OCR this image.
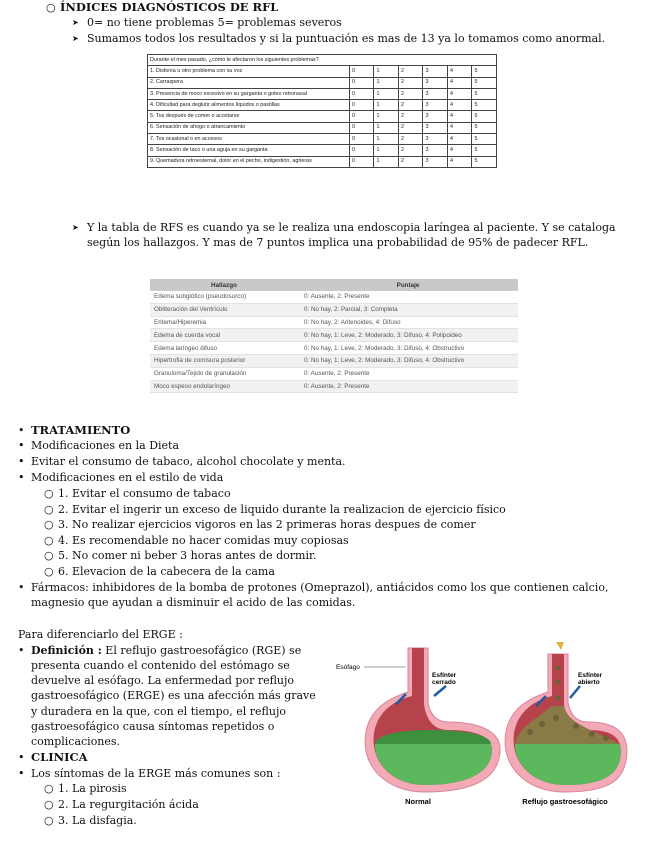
○ ÍNDICES DIAGNÓSTICOS DE RFL
➤ 0= no tiene problemas 5= problemas severos
➤ Sumamos todos los resultados y si la puntuación es mas de 13 ya lo tomamos como anormal.
Durante el mes pasado, ¿cómo le afectaron los siguientes problemas?						
1. Disfonía u otro problema con su voz	0	1	2	3	4	5
2. Carraspera	0	1	2	3	4	5
3. Presencia de moco excesivo en su garganta o goteo retronasal	0	1	2	3	4	5
4. Dificultad para deglutir alimentos líquidos o pastillas	0	1	2	3	4	5
5. Tos después de comer o acostarse	0	1	2	3	4	5
6. Sensación de ahogo o atrancamiento	0	1	2	3	4	5
7. Tos ocasional o en accesos	0	1	2	3	4	5
8. Sensación de taco o una aguja en su garganta	0	1	2	3	4	5
9. Quemadura retroesternal, dolor en el pecho, indigestión, agrieras	0	1	2	3	4	5
➤ Y la tabla de RFS es cuando ya se le realiza una endoscopia laríngea al paciente. Y se cataloga
según los hallazgos. Y mas de 7 puntos implica una probabilidad de 95% de padecer RFL.
Hallazgo	Puntaje
Edema subglótico (pseudosurco)	0: Ausente, 2: Presente
Obliteración del Ventrículo	0: No hay, 2: Parcial, 3: Completa
Eritema/Hiperemia	0: No hay, 2: Aritenoides, 4: Difuso
Edema de cuerda vocal	0: No hay, 1: Leve, 2: Moderado, 3: Difuso, 4: Polipoideo
Edema laríngeo difuso	0: No hay, 1: Leve, 2: Moderado, 3: Difuso, 4: Obstructivo
Hipertrofia de comisura posterior	0: No hay, 1: Leve, 2: Moderado, 3: Difuso, 4: Obstructivo
Granuloma/Tejido de granulación	0: Ausente, 2: Presente
Moco espeso endolaríngeo	0: Ausente, 2: Presente
• TRATAMIENTO
• Modificaciones en la Dieta
• Evitar el consumo de tabaco, alcohol chocolate y menta.
• Modificaciones en el estilo de vida
○ 1. Evitar el consumo de tabaco
○ 2. Evitar el ingerir un exceso de liquido durante la realizacion de ejercicio físico
○ 3. No realizar ejercicios vigoros en las 2 primeras horas despues de comer
○ 4. Es recomendable no hacer comidas muy copiosas
○ 5. No comer ni beber 3 horas antes de dormir.
○ 6. Elevacion de la cabecera de la cama
• Fármacos: inhibidores de la bomba de protones (Omeprazol), antiácidos como los que contienen calcio,
magnesio que ayudan a disminuir el acido de las comidas.
Para diferenciarlo del ERGE :
• Definición : El reflujo gastroesofágico (RGE) se
presenta cuando el contenido del estómago se
devuelve al esófago. La enfermedad por reflujo
gastroesofágico (ERGE) es una afección más grave
y duradera en la que, con el tiempo, el reflujo
gastroesofágico causa síntomas repetidos o
complicaciones.
• CLINICA
• Los síntomas de la ERGE más comunes son :
○ 1. La pirosis
○ 2. La regurgitación ácida
○ 3. La disfagia.
Esófago
Esfínter
cerrado
Esfínter
abierto
Normal	Reflujo gastroesofágico
